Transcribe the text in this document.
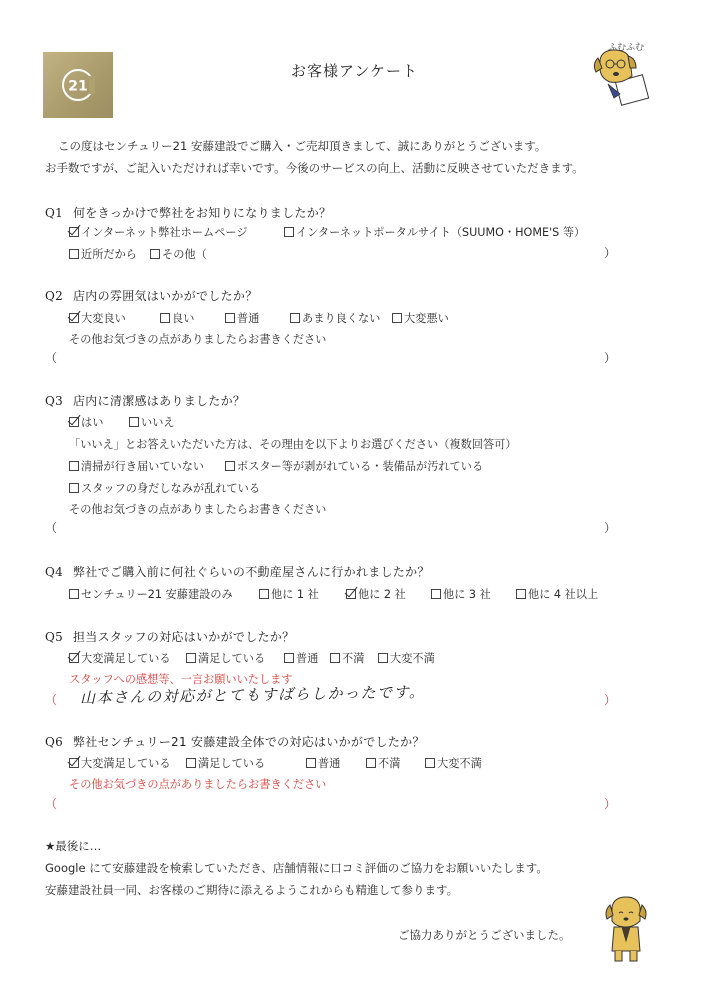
21
お客様アンケート
ふむふむ
この度はセンチュリー21 安藤建設でご購入・ご売却頂きまして、誠にありがとうございます。
お手数ですが、ご記入いただければ幸いです。今後のサービスの向上、活動に反映させていただきます。
Q1 何をきっかけで弊社をお知りになりましたか？
インターネット弊社ホームページ	インターネットポータルサイト（SUUMO・HOME'S 等）
近所だから	その他（	）
Q2 店内の雰囲気はいかがでしたか？
大変良い	良い	普通	あまり良くない	大変悪い
その他お気づきの点がありましたらお書きください
（	）
Q3 店内に清潔感はありましたか？
はい	いいえ
「いいえ」とお答えいただいた方は、その理由を以下よりお選びください（複数回答可）
清掃が行き届いていない	ポスター等が剥がれている・装備品が汚れている
スタッフの身だしなみが乱れている
その他お気づきの点がありましたらお書きください
（	）
Q4 弊社でご購入前に何社ぐらいの不動産屋さんに行かれましたか？
センチュリー21 安藤建設のみ	他に 1 社	他に 2 社	他に 3 社	他に 4 社以上
Q5 担当スタッフの対応はいかがでしたか？
大変満足している	満足している	普通	不満	大変不満
スタッフへの感想等、一言お願いいたします
（ 山本さんの対応がとてもすばらしかったです。	）
Q6 弊社センチュリー21 安藤建設全体での対応はいかがでしたか？
大変満足している	満足している	普通	不満	大変不満
その他お気づきの点がありましたらお書きください
（	）
★最後に…
Google にて安藤建設を検索していただき、店舗情報に口コミ評価のご協力をお願いいたします。
安藤建設社員一同、お客様のご期待に添えるようこれからも精進して参ります。
ご協力ありがとうございました。
